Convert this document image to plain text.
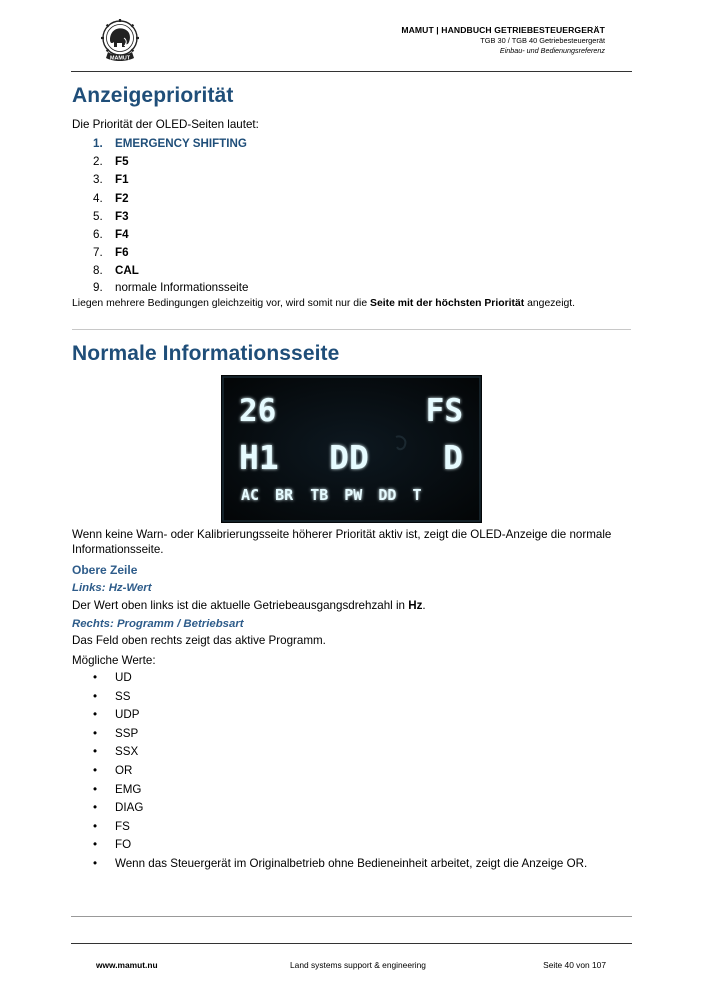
MAMUT
MAMUT | HANDBUCH GETRIEBESTEUERGERÄT
TGB 30 / TGB 40 Getriebesteuergerät
Einbau- und Bedienungsreferenz
Anzeigepriorität

Die Priorität der OLED-Seiten lautet:

1. EMERGENCY SHIFTING
2. F5
3. F1
4. F2
5. F3
6. F4
7. F6
8. CAL
9. normale Informationsseite

Liegen mehrere Bedingungen gleichzeitig vor, wird somit nur die Seite mit der höchsten Priorität angezeigt.

Normale Informationsseite
26	FS
H1 DD D
AC BR TB PW DD T

Wenn keine Warn- oder Kalibrierungsseite höherer Priorität aktiv ist, zeigt die OLED-Anzeige die normale Informationsseite.

Obere Zeile
Links: Hz-Wert

Der Wert oben links ist die aktuelle Getriebeausgangsdrehzahl in Hz.

Rechts: Programm / Betriebsart

Das Feld oben rechts zeigt das aktive Programm.

Mögliche Werte:

• UD
• SS
• UDP
• SSP
• SSX
• OR
• EMG
• DIAG
• FS
• FO
• Wenn das Steuergerät im Originalbetrieb ohne Bedieneinheit arbeitet, zeigt die Anzeige OR.
www.mamut.nu	Land systems support & engineering	Seite 40 von 107
